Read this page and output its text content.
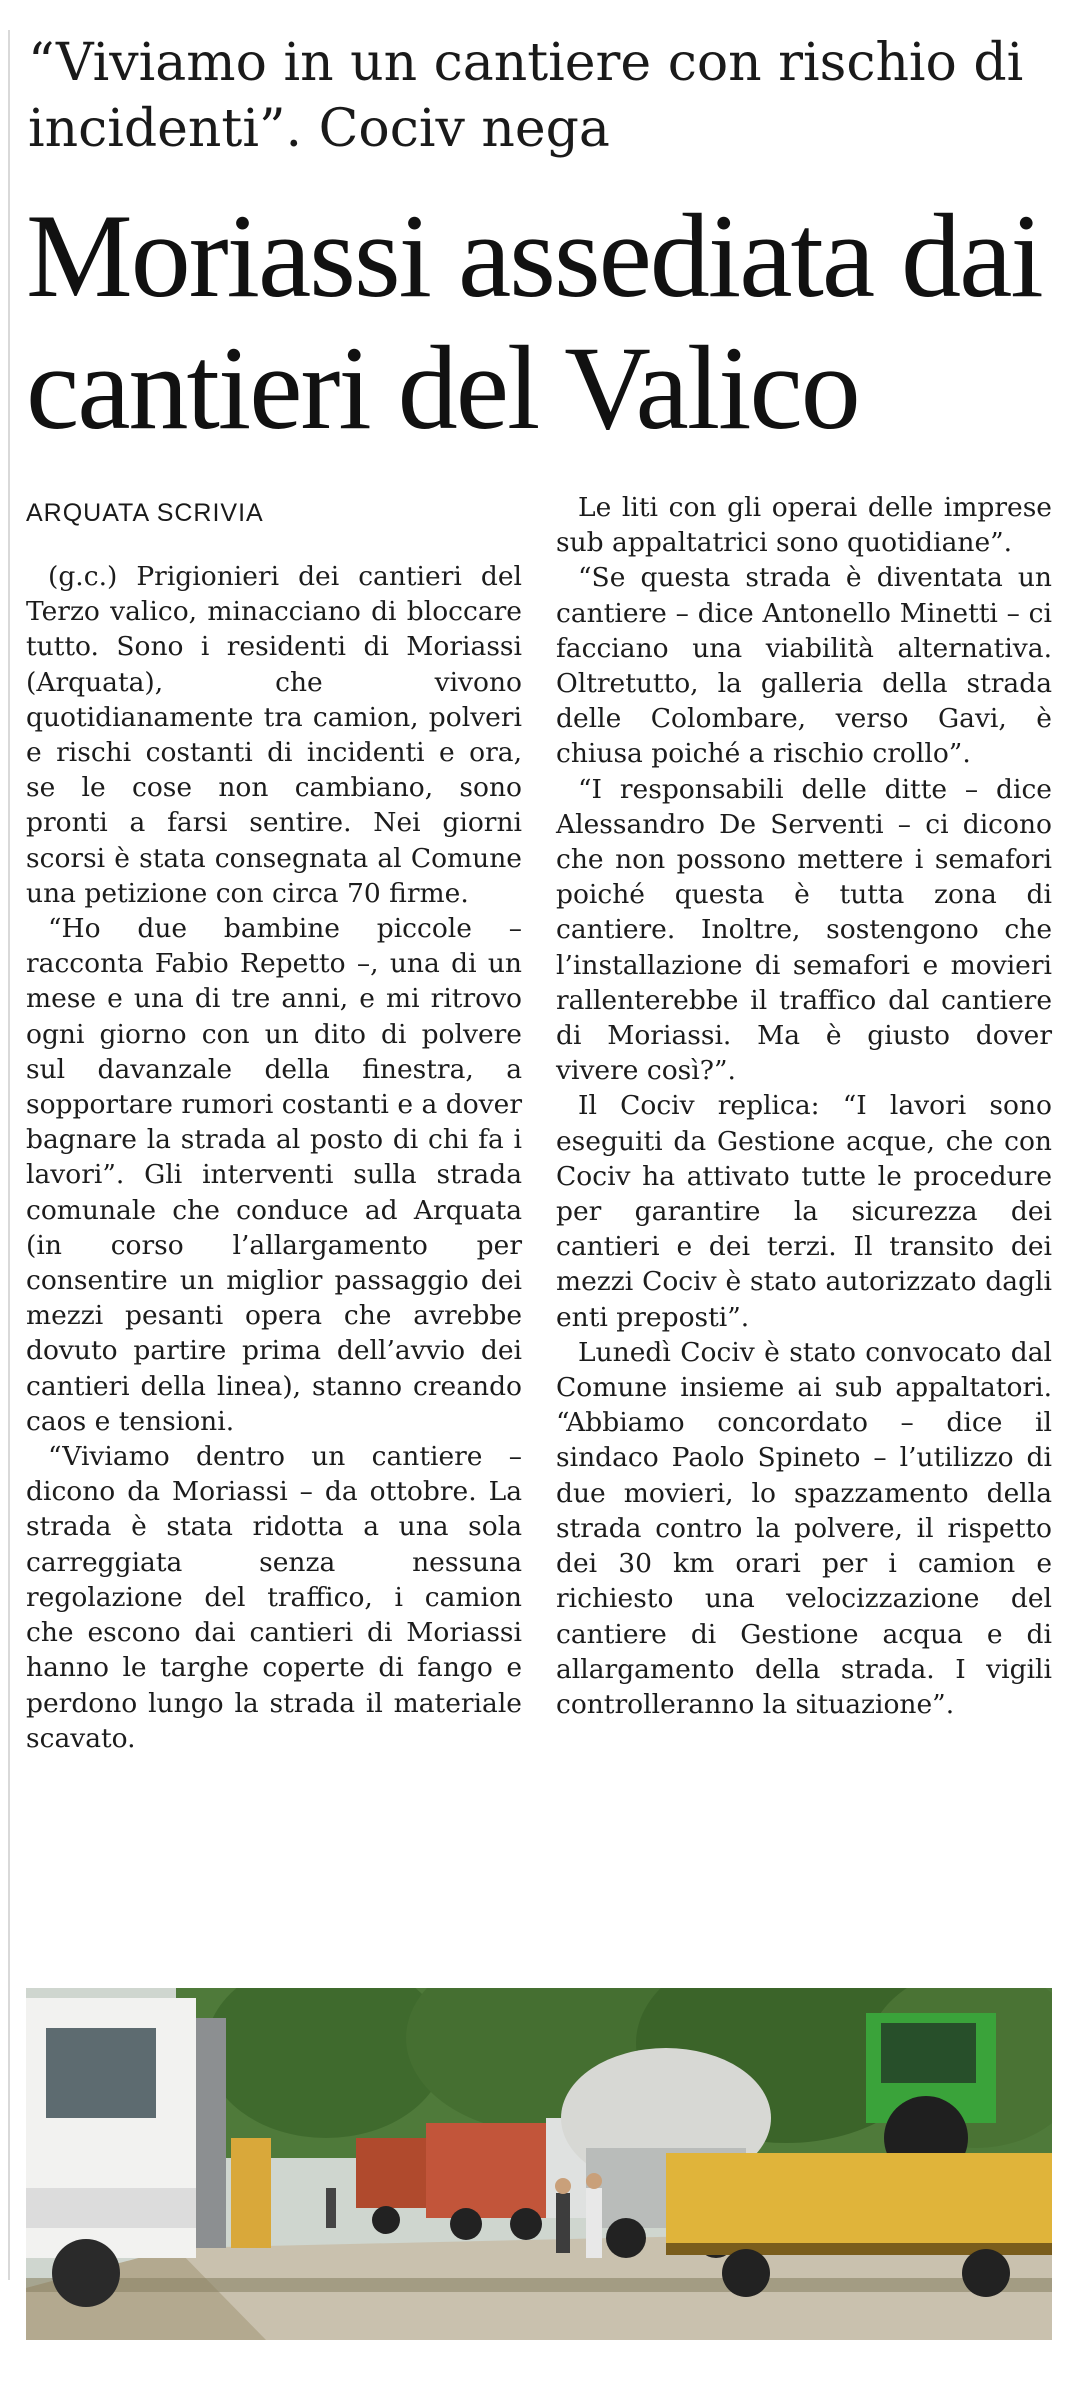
“Viviamo in un cantiere con rischio di incidenti”. Cociv nega
Moriassi assediata dai cantieri del Valico
ARQUATA SCRIVIA

(g.c.) Prigionieri dei cantieri del Terzo valico, minacciano di bloccare tutto. Sono i residenti di Moriassi (Arquata), che vivono quotidianamente tra camion, polveri e rischi costanti di incidenti e ora, se le cose non cambiano, sono pronti a farsi sentire. Nei giorni scorsi è stata consegnata al Comune una petizione con circa 70 firme.

“Ho due bambine piccole – racconta Fabio Repetto –, una di un mese e una di tre anni, e mi ritrovo ogni giorno con un dito di polvere sul davanzale della finestra, a sopportare rumori costanti e a dover bagnare la strada al posto di chi fa i lavori”. Gli interventi sulla strada comunale che conduce ad Arquata (in corso l’allargamento per consentire un miglior passaggio dei mezzi pesanti opera che avrebbe dovuto partire prima dell’avvio dei cantieri della linea), stanno creando caos e tensioni.

“Viviamo dentro un cantiere – dicono da Moriassi – da ottobre. La strada è stata ridotta a una sola carreggiata senza nessuna regolazione del traffico, i camion che escono dai cantieri di Moriassi hanno le targhe coperte di fango e perdono lungo la strada il materiale scavato.

Le liti con gli operai delle imprese sub appaltatrici sono quotidiane”.

“Se questa strada è diventata un cantiere – dice Antonello Minetti – ci facciano una viabilità alternativa. Oltretutto, la galleria della strada delle Colombare, verso Gavi, è chiusa poiché a rischio crollo”.

“I responsabili delle ditte – dice Alessandro De Serventi – ci dicono che non possono mettere i semafori poiché questa è tutta zona di cantiere. Inoltre, sostengono che l’installazione di semafori e movieri rallenterebbe il traffico dal cantiere di Moriassi. Ma è giusto dover vivere così?”.

Il Cociv replica: “I lavori sono eseguiti da Gestione acque, che con Cociv ha attivato tutte le procedure per garantire la sicurezza dei cantieri e dei terzi. Il transito dei mezzi Cociv è stato autorizzato dagli enti preposti”.

Lunedì Cociv è stato convocato dal Comune insieme ai sub appaltatori. “Abbiamo concordato – dice il sindaco Paolo Spineto – l’utilizzo di due movieri, lo spazzamento della strada contro la polvere, il rispetto dei 30 km orari per i camion e richiesto una velocizzazione del cantiere di Gestione acqua e di allargamento della strada. I vigili controlleranno la situazione”.
